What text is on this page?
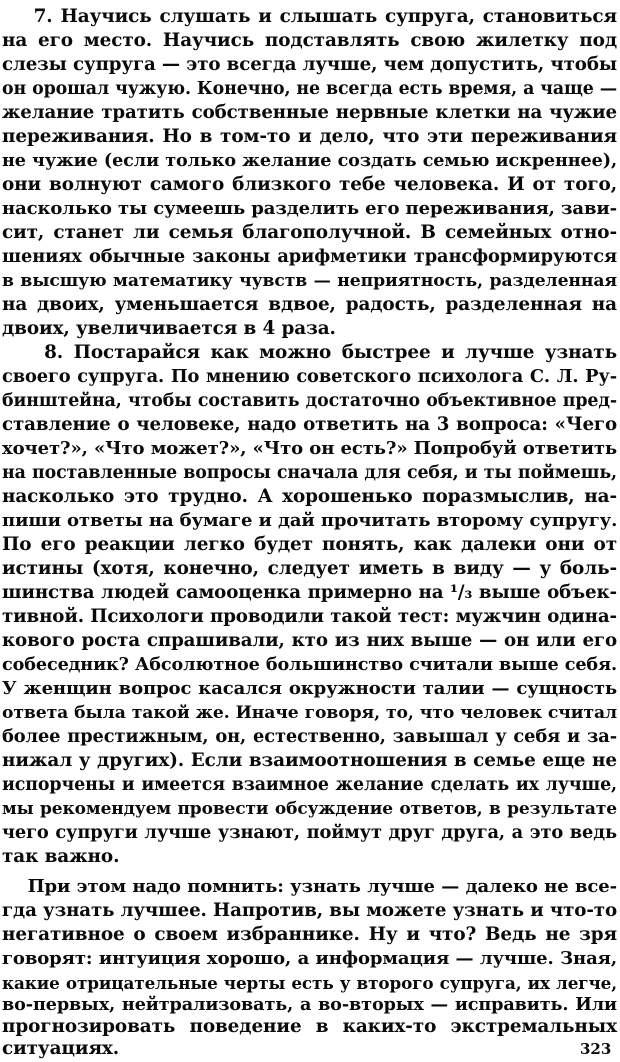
7. Научись слушать и слышать супруга, становиться
на его место. Научись подставлять свою жилетку под
слезы супруга — это всегда лучше, чем допустить, чтобы
он орошал чужую. Конечно, не всегда есть время, а чаще —
желание тратить собственные нервные клетки на чужие
переживания. Но в том-то и дело, что эти переживания
не чужие (если только желание создать семью искреннее),
они волнуют самого близкого тебе человека. И от того,
насколько ты сумеешь разделить его переживания, зави-
сит, станет ли семья благополучной. В семейных отно-
шениях обычные законы арифметики трансформируются
в высшую математику чувств — неприятность, разделенная
на двоих, уменьшается вдвое, радость, разделенная на
двоих, увеличивается в 4 раза.
8. Постарайся как можно быстрее и лучше узнать
своего супруга. По мнению советского психолога С. Л. Ру-
бинштейна, чтобы составить достаточно объективное пред-
ставление о человеке, надо ответить на 3 вопроса: «Чего
хочет?», «Что может?», «Что он есть?» Попробуй ответить
на поставленные вопросы сначала для себя, и ты поймешь,
насколько это трудно. А хорошенько поразмыслив, на-
пиши ответы на бумаге и дай прочитать второму супругу.
По его реакции легко будет понять, как далеки они от
истины (хотя, конечно, следует иметь в виду — у боль-
шинства людей самооценка примерно на ¹/₃ выше объек-
тивной. Психологи проводили такой тест: мужчин одина-
кового роста спрашивали, кто из них выше — он или его
собеседник? Абсолютное большинство считали выше себя.
У женщин вопрос касался окружности талии — сущность
ответа была такой же. Иначе говоря, то, что человек считал
более престижным, он, естественно, завышал у себя и за-
нижал у других). Если взаимоотношения в семье еще не
испорчены и имеется взаимное желание сделать их лучше,
мы рекомендуем провести обсуждение ответов, в результате
чего супруги лучше узнают, поймут друг друга, а это ведь
так важно.
При этом надо помнить: узнать лучше — далеко не все-
гда узнать лучшее. Напротив, вы можете узнать и что-то
негативное о своем избраннике. Ну и что? Ведь не зря
говорят: интуиция хорошо, а информация — лучше. Зная,
какие отрицательные черты есть у второго супруга, их легче,
во-первых, нейтрализовать, а во-вторых — исправить. Или
прогнозировать поведение в каких-то экстремальных
ситуациях.	323
